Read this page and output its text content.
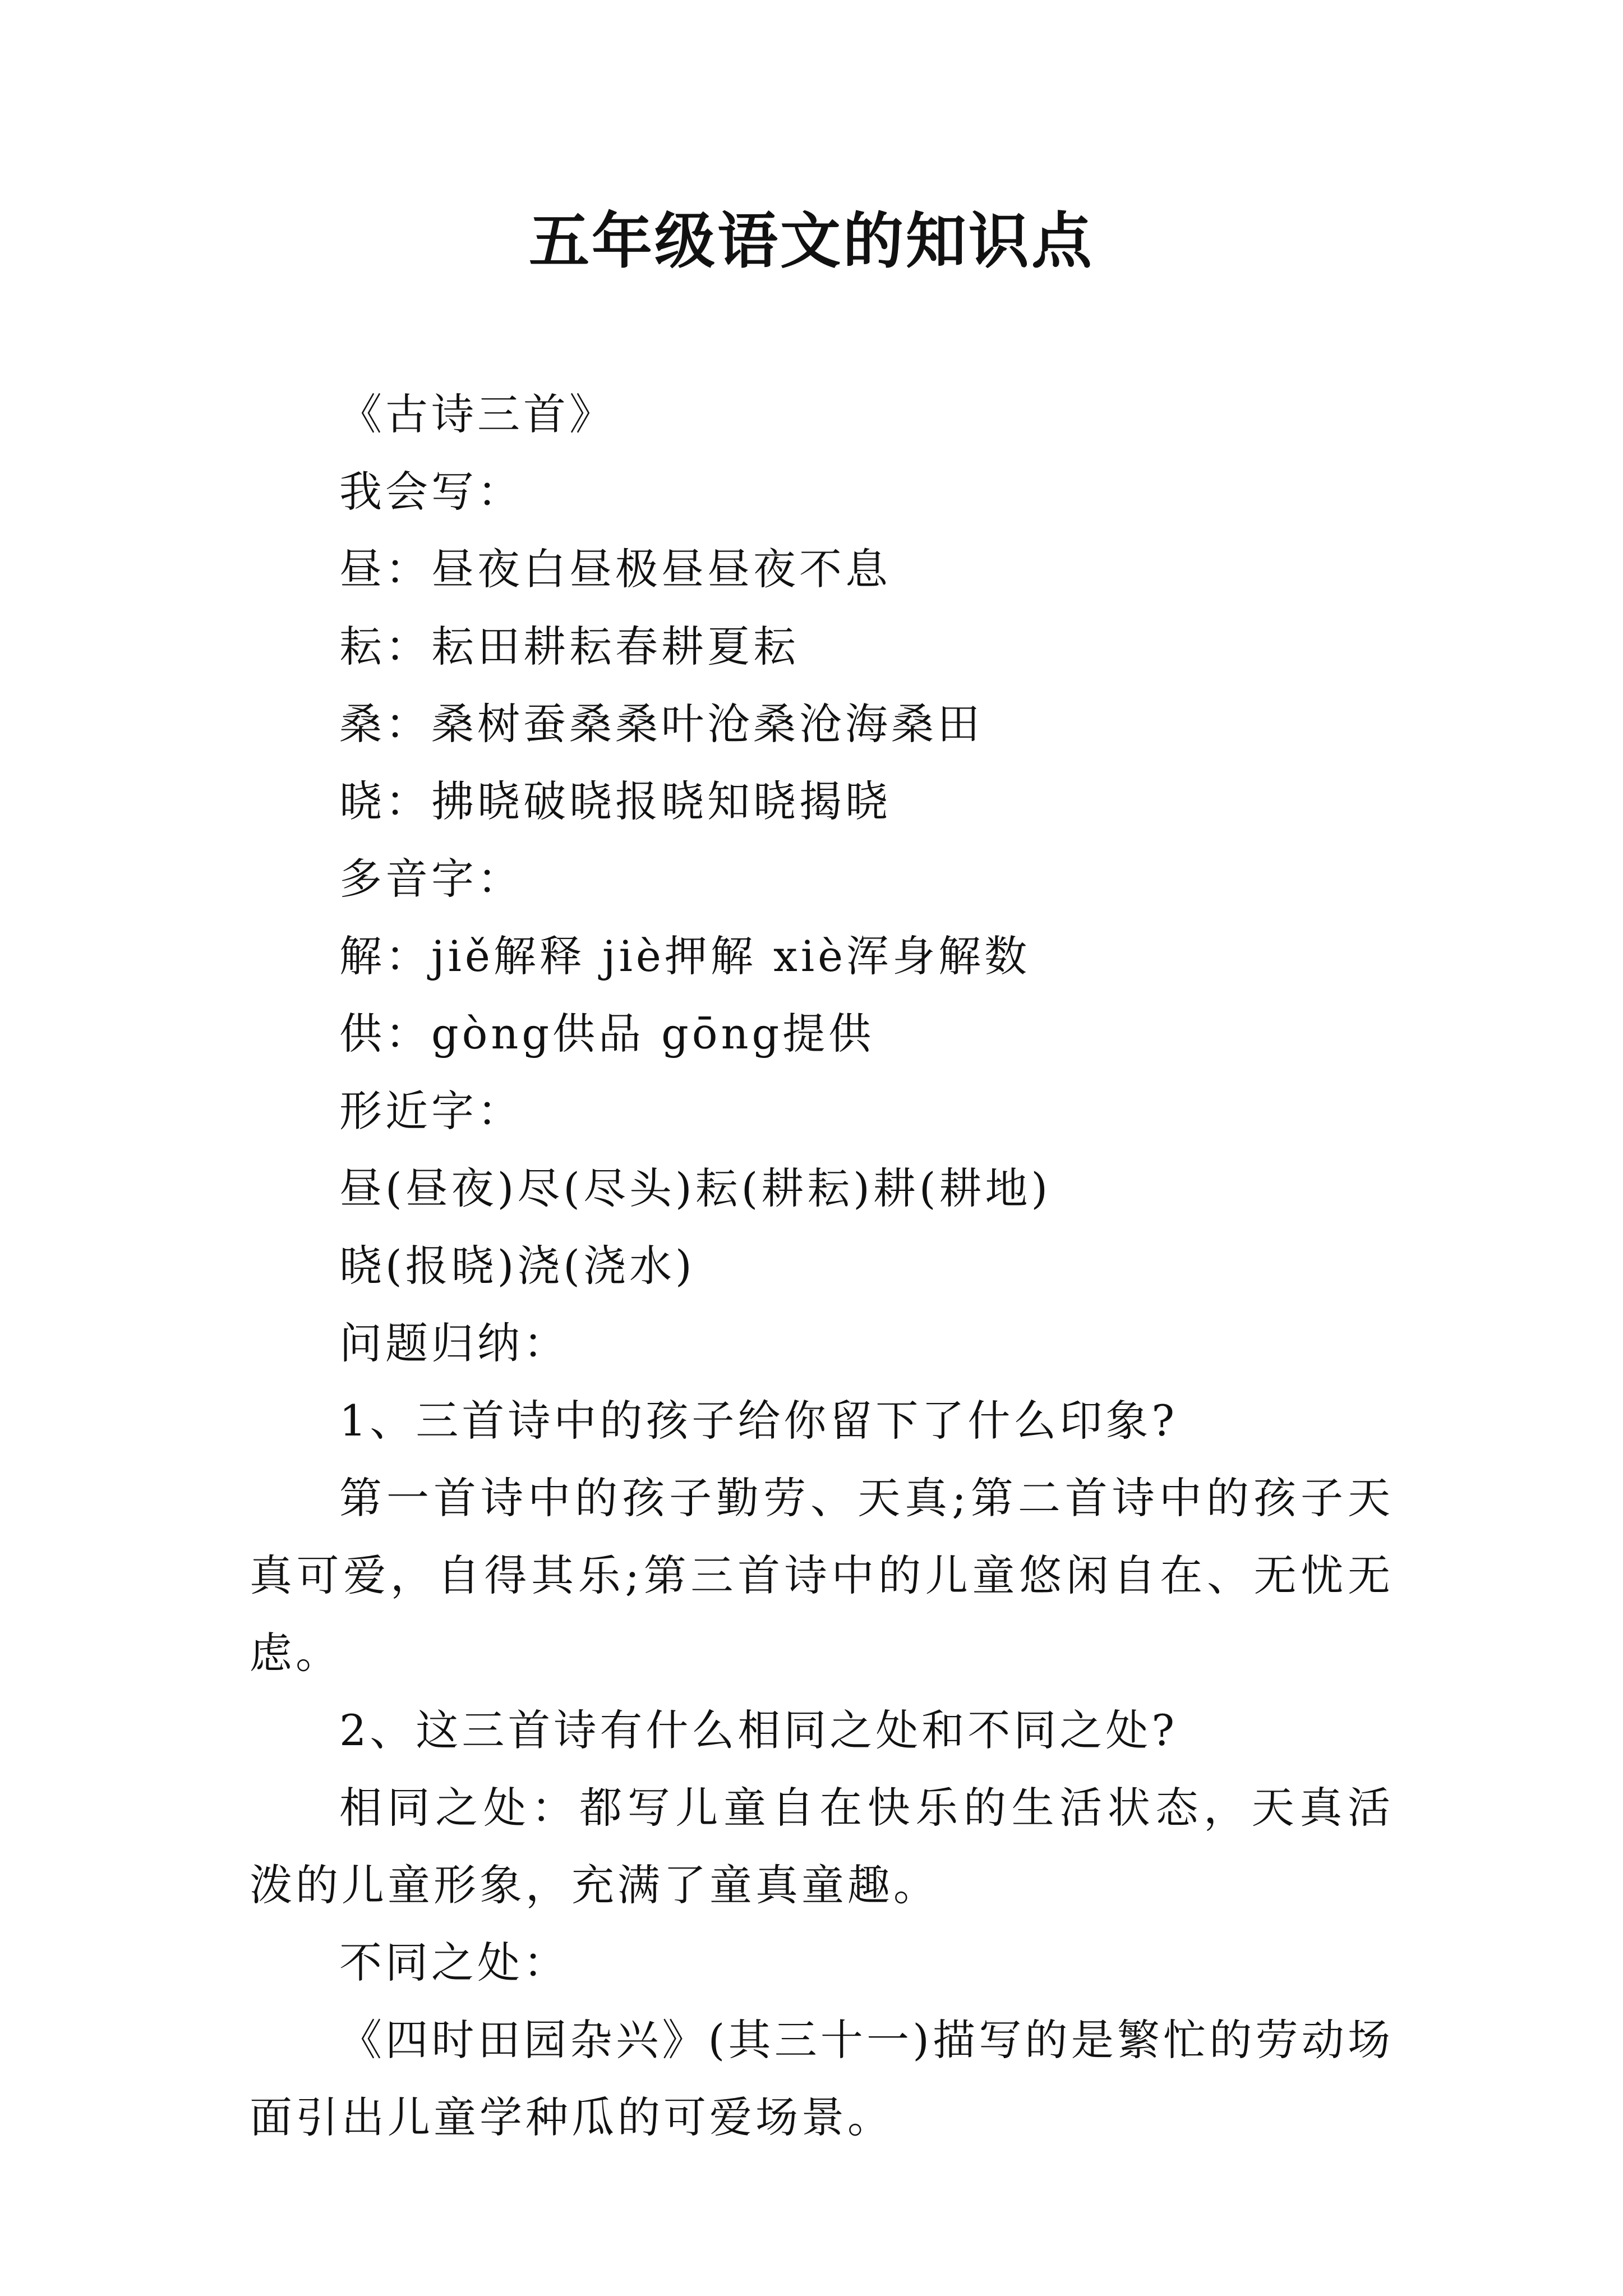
五年级语文的知识点
《古诗三首》
我会写：
昼：昼夜白昼极昼昼夜不息
耘：耘田耕耘春耕夏耘
桑：桑树蚕桑桑叶沧桑沧海桑田
晓：拂晓破晓报晓知晓揭晓
多音字：
解：jiě解释 jiè押解 xiè浑身解数
供：gòng供品 gōng提供
形近字：
昼(昼夜)尽(尽头)耘(耕耘)耕(耕地)
晓(报晓)浇(浇水)
问题归纳：
1、三首诗中的孩子给你留下了什么印象?
第一首诗中的孩子勤劳、天真;第二首诗中的孩子天真可爱，自得其乐;第三首诗中的儿童悠闲自在、无忧无虑。
2、这三首诗有什么相同之处和不同之处?
相同之处：都写儿童自在快乐的生活状态，天真活泼的儿童形象，充满了童真童趣。
不同之处：
《四时田园杂兴》(其三十一)描写的是繁忙的劳动场面引出儿童学种瓜的可爱场景。
